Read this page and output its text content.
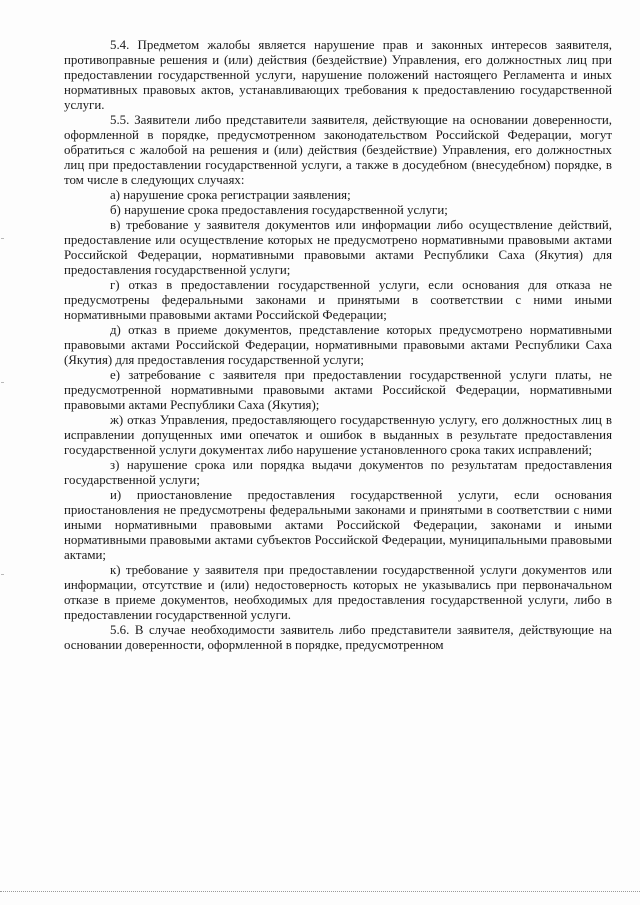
5.4. Предметом жалобы является нарушение прав и законных интересов заявителя, противоправные решения и (или) действия (бездействие) Управления, его должностных лиц при предоставлении государственной услуги, нарушение положений настоящего Регламента и иных нормативных правовых актов, устанавливающих требования к предоставлению государственной услуги.

5.5. Заявители либо представители заявителя, действующие на основании доверенности, оформленной в порядке, предусмотренном законодательством Российской Федерации, могут обратиться с жалобой на решения и (или) действия (бездействие) Управления, его должностных лиц при предоставлении государственной услуги, а также в досудебном (внесудебном) порядке, в том числе в следующих случаях:

а) нарушение срока регистрации заявления;

б) нарушение срока предоставления государственной услуги;

в) требование у заявителя документов или информации либо осуществление действий, предоставление или осуществление которых не предусмотрено нормативными правовыми актами Российской Федерации, нормативными правовыми актами Республики Саха (Якутия) для предоставления государственной услуги;

г) отказ в предоставлении государственной услуги, если основания для отказа не предусмотрены федеральными законами и принятыми в соответствии с ними иными нормативными правовыми актами Российской Федерации;

д) отказ в приеме документов, представление которых предусмотрено нормативными правовыми актами Российской Федерации, нормативными правовыми актами Республики Саха (Якутия) для предоставления государственной услуги;

е) затребование с заявителя при предоставлении государственной услуги платы, не предусмотренной нормативными правовыми актами Российской Федерации, нормативными правовыми актами Республики Саха (Якутия);

ж) отказ Управления, предоставляющего государственную услугу, его должностных лиц в исправлении допущенных ими опечаток и ошибок в выданных в результате предоставления государственной услуги документах либо нарушение установленного срока таких исправлений;

з) нарушение срока или порядка выдачи документов по результатам предоставления государственной услуги;

и) приостановление предоставления государственной услуги, если основания приостановления не предусмотрены федеральными законами и принятыми в соответствии с ними иными нормативными правовыми актами Российской Федерации, законами и иными нормативными правовыми актами субъектов Российской Федерации, муниципальными правовыми актами;

к) требование у заявителя при предоставлении государственной услуги документов или информации, отсутствие и (или) недостоверность которых не указывались при первоначальном отказе в приеме документов, необходимых для предоставления государственной услуги, либо в предоставлении государственной услуги.

5.6. В случае необходимости заявитель либо представители заявителя, действующие на основании доверенности, оформленной в порядке, предусмотренном
